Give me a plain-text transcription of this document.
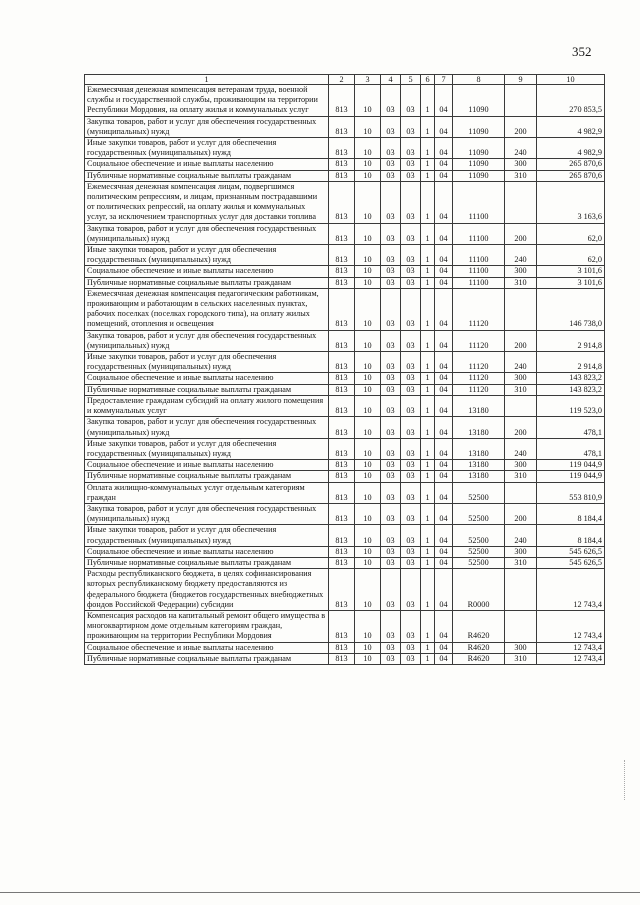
352
1	2	3	4	5	6	7	8	9	10
Ежемесячная денежная компенсация ветеранам труда, военной службы и государственной службы, проживающим на территории Республики Мордовия, на оплату жилья и коммунальных услуг	813	10	03	03	1	04	11090		270 853,5
Закупка товаров, работ и услуг для обеспечения государственных (муниципальных) нужд	813	10	03	03	1	04	11090	200	4 982,9
Иные закупки товаров, работ и услуг для обеспечения государственных (муниципальных) нужд	813	10	03	03	1	04	11090	240	4 982,9
Социальное обеспечение и иные выплаты населению	813	10	03	03	1	04	11090	300	265 870,6
Публичные нормативные социальные выплаты гражданам	813	10	03	03	1	04	11090	310	265 870,6
Ежемесячная денежная компенсация лицам, подвергшимся политическим репрессиям, и лицам, признанным пострадавшими от политических репрессий, на оплату жилья и коммунальных услуг, за исключением транспортных услуг для доставки топлива	813	10	03	03	1	04	11100		3 163,6
Закупка товаров, работ и услуг для обеспечения государственных (муниципальных) нужд	813	10	03	03	1	04	11100	200	62,0
Иные закупки товаров, работ и услуг для обеспечения государственных (муниципальных) нужд	813	10	03	03	1	04	11100	240	62,0
Социальное обеспечение и иные выплаты населению	813	10	03	03	1	04	11100	300	3 101,6
Публичные нормативные социальные выплаты гражданам	813	10	03	03	1	04	11100	310	3 101,6
Ежемесячная денежная компенсация педагогическим работникам, проживающим и работающим в сельских населенных пунктах, рабочих поселках (поселках городского типа), на оплату жилых помещений, отопления и освещения	813	10	03	03	1	04	11120		146 738,0
Закупка товаров, работ и услуг для обеспечения государственных (муниципальных) нужд	813	10	03	03	1	04	11120	200	2 914,8
Иные закупки товаров, работ и услуг для обеспечения государственных (муниципальных) нужд	813	10	03	03	1	04	11120	240	2 914,8
Социальное обеспечение и иные выплаты населению	813	10	03	03	1	04	11120	300	143 823,2
Публичные нормативные социальные выплаты гражданам	813	10	03	03	1	04	11120	310	143 823,2
Предоставление гражданам субсидий на оплату жилого помещения и коммунальных услуг	813	10	03	03	1	04	13180		119 523,0
Закупка товаров, работ и услуг для обеспечения государственных (муниципальных) нужд	813	10	03	03	1	04	13180	200	478,1
Иные закупки товаров, работ и услуг для обеспечения государственных (муниципальных) нужд	813	10	03	03	1	04	13180	240	478,1
Социальное обеспечение и иные выплаты населению	813	10	03	03	1	04	13180	300	119 044,9
Публичные нормативные социальные выплаты гражданам	813	10	03	03	1	04	13180	310	119 044,9
Оплата жилищно-коммунальных услуг отдельным категориям граждан	813	10	03	03	1	04	52500		553 810,9
Закупка товаров, работ и услуг для обеспечения государственных (муниципальных) нужд	813	10	03	03	1	04	52500	200	8 184,4
Иные закупки товаров, работ и услуг для обеспечения государственных (муниципальных) нужд	813	10	03	03	1	04	52500	240	8 184,4
Социальное обеспечение и иные выплаты населению	813	10	03	03	1	04	52500	300	545 626,5
Публичные нормативные социальные выплаты гражданам	813	10	03	03	1	04	52500	310	545 626,5
Расходы республиканского бюджета, в целях софинансирования которых республиканскому бюджету предоставляются из федерального бюджета (бюджетов государственных внебюджетных фондов Российской Федерации) субсидии	813	10	03	03	1	04	R0000		12 743,4
Компенсация расходов на капитальный ремонт общего имущества в многоквартирном доме отдельным категориям граждан, проживающим на территории Республики Мордовия	813	10	03	03	1	04	R4620		12 743,4
Социальное обеспечение и иные выплаты населению	813	10	03	03	1	04	R4620	300	12 743,4
Публичные нормативные социальные выплаты гражданам	813	10	03	03	1	04	R4620	310	12 743,4
